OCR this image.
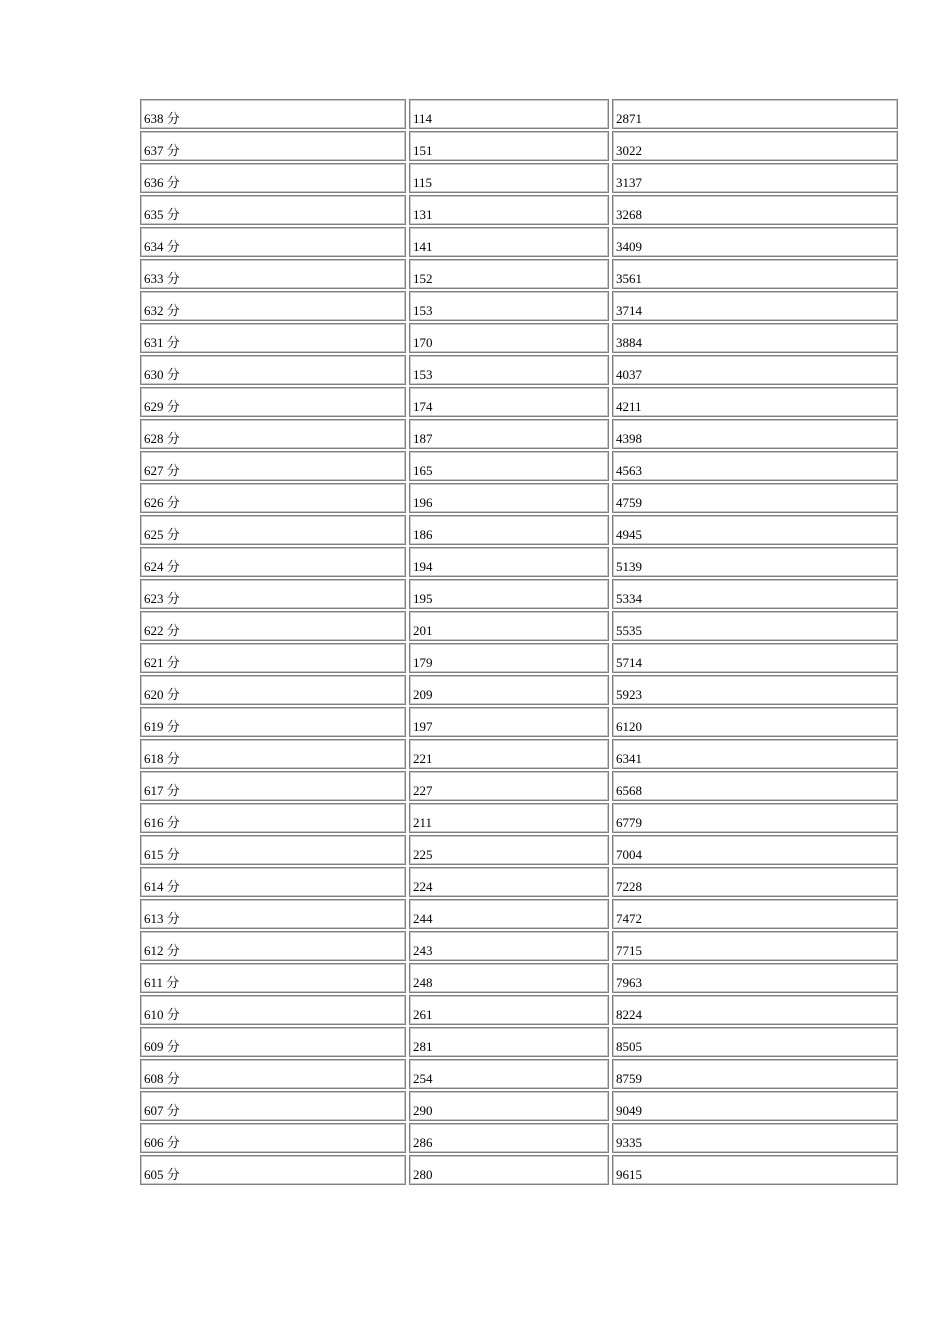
638 分	114	2871
637 分	151	3022
636 分	115	3137
635 分	131	3268
634 分	141	3409
633 分	152	3561
632 分	153	3714
631 分	170	3884
630 分	153	4037
629 分	174	4211
628 分	187	4398
627 分	165	4563
626 分	196	4759
625 分	186	4945
624 分	194	5139
623 分	195	5334
622 分	201	5535
621 分	179	5714
620 分	209	5923
619 分	197	6120
618 分	221	6341
617 分	227	6568
616 分	211	6779
615 分	225	7004
614 分	224	7228
613 分	244	7472
612 分	243	7715
611 分	248	7963
610 分	261	8224
609 分	281	8505
608 分	254	8759
607 分	290	9049
606 分	286	9335
605 分	280	9615
